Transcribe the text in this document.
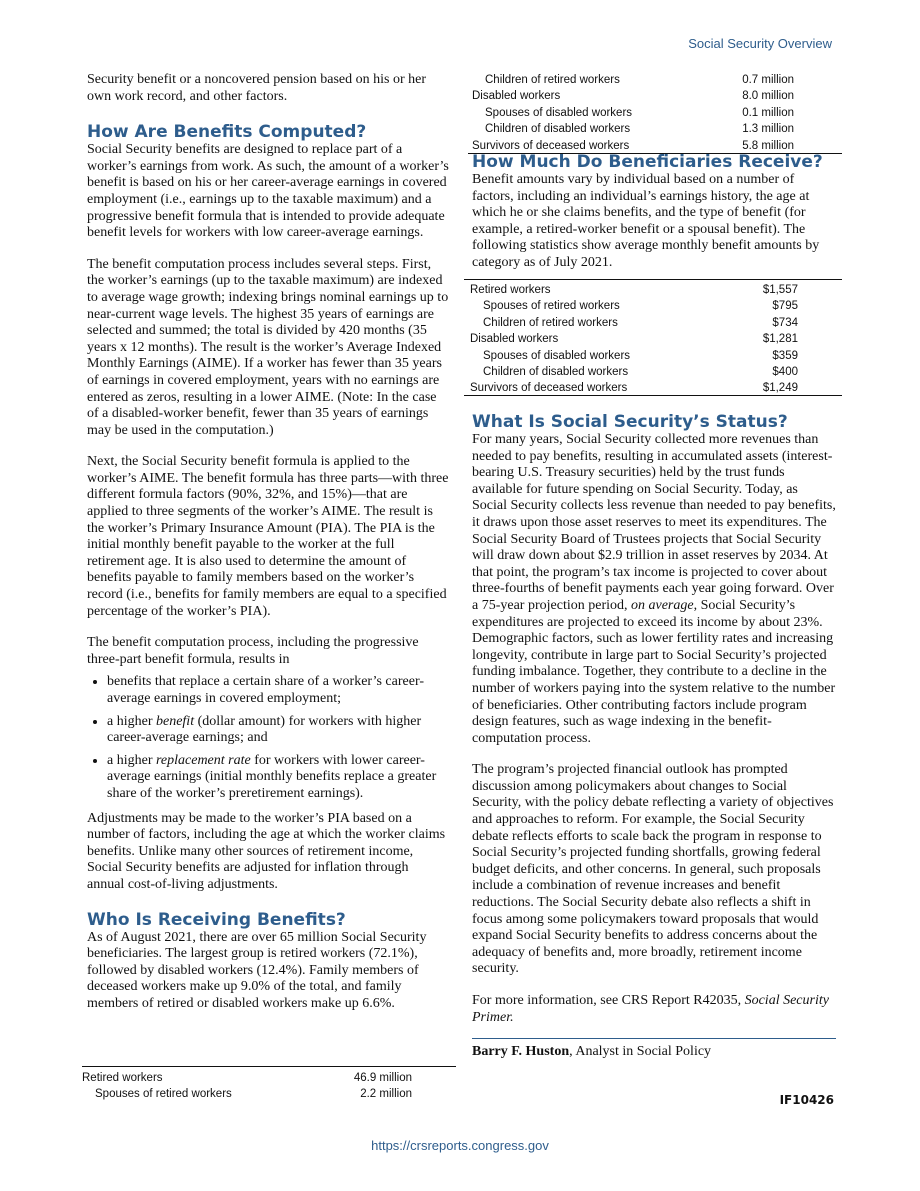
Social Security Overview

Security benefit or a noncovered pension based on his or her own work record, and other factors.

How Are Benefits Computed?

Social Security benefits are designed to replace part of a worker’s earnings from work. As such, the amount of a worker’s benefit is based on his or her career-average earnings in covered employment (i.e., earnings up to the taxable maximum) and a progressive benefit formula that is intended to provide adequate benefit levels for workers with low career-average earnings.

The benefit computation process includes several steps. First, the worker’s earnings (up to the taxable maximum) are indexed to average wage growth; indexing brings nominal earnings up to near-current wage levels. The highest 35 years of earnings are selected and summed; the total is divided by 420 months (35 years x 12 months). The result is the worker’s Average Indexed Monthly Earnings (AIME). If a worker has fewer than 35 years of earnings in covered employment, years with no earnings are entered as zeros, resulting in a lower AIME. (Note: In the case of a disabled-worker benefit, fewer than 35 years of earnings may be used in the computation.)

Next, the Social Security benefit formula is applied to the worker’s AIME. The benefit formula has three parts—with three different formula factors (90%, 32%, and 15%)—that are applied to three segments of the worker’s AIME. The result is the worker’s Primary Insurance Amount (PIA). The PIA is the initial monthly benefit payable to the worker at the full retirement age. It is also used to determine the amount of benefits payable to family members based on the worker’s record (i.e., benefits for family members are equal to a specified percentage of the worker’s PIA).

The benefit computation process, including the progressive three-part benefit formula, results in

• benefits that replace a certain share of a worker’s career-average earnings in covered employment;
• a higher benefit (dollar amount) for workers with higher career-average earnings; and
• a higher replacement rate for workers with lower career-average earnings (initial monthly benefits replace a greater share of the worker’s preretirement earnings).

Adjustments may be made to the worker’s PIA based on a number of factors, including the age at which the worker claims benefits. Unlike many other sources of retirement income, Social Security benefits are adjusted for inflation through annual cost-of-living adjustments.

Who Is Receiving Benefits?

As of August 2021, there are over 65 million Social Security beneficiaries. The largest group is retired workers (72.1%), followed by disabled workers (12.4%). Family members of deceased workers make up 9.0% of the total, and family members of retired or disabled workers make up 6.6%.

Retired workers	46.9 million
Spouses of retired workers	2.2 million
Children of retired workers	0.7 million
Disabled workers	8.0 million
Spouses of disabled workers	0.1 million
Children of disabled workers	1.3 million
Survivors of deceased workers	5.8 million
How Much Do Beneficiaries Receive?

Benefit amounts vary by individual based on a number of factors, including an individual’s earnings history, the age at which he or she claims benefits, and the type of benefit (for example, a retired-worker benefit or a spousal benefit). The following statistics show average monthly benefit amounts by category as of July 2021.

Retired workers	$1,557
Spouses of retired workers	$795
Children of retired workers	$734
Disabled workers	$1,281
Spouses of disabled workers	$359
Children of disabled workers	$400
Survivors of deceased workers	$1,249
What Is Social Security’s Status?

For many years, Social Security collected more revenues than needed to pay benefits, resulting in accumulated assets (interest-bearing U.S. Treasury securities) held by the trust funds available for future spending on Social Security. Today, as Social Security collects less revenue than needed to pay benefits, it draws upon those asset reserves to meet its expenditures. The Social Security Board of Trustees projects that Social Security will draw down about $2.9 trillion in asset reserves by 2034. At that point, the program’s tax income is projected to cover about three-fourths of benefit payments each year going forward. Over a 75-year projection period, on average, Social Security’s expenditures are projected to exceed its income by about 23%. Demographic factors, such as lower fertility rates and increasing longevity, contribute in large part to Social Security’s projected funding imbalance. Together, they contribute to a decline in the number of workers paying into the system relative to the number of beneficiaries. Other contributing factors include program design features, such as wage indexing in the benefit-computation process.

The program’s projected financial outlook has prompted discussion among policymakers about changes to Social Security, with the policy debate reflecting a variety of objectives and approaches to reform. For example, the Social Security debate reflects efforts to scale back the program in response to Social Security’s projected funding shortfalls, growing federal budget deficits, and other concerns. In general, such proposals include a combination of revenue increases and benefit reductions. The Social Security debate also reflects a shift in focus among some policymakers toward proposals that would expand Social Security benefits to address concerns about the adequacy of benefits and, more broadly, retirement income security.

For more information, see CRS Report R42035, Social Security Primer.

Barry F. Huston, Analyst in Social Policy

IF10426
https://crsreports.congress.gov
